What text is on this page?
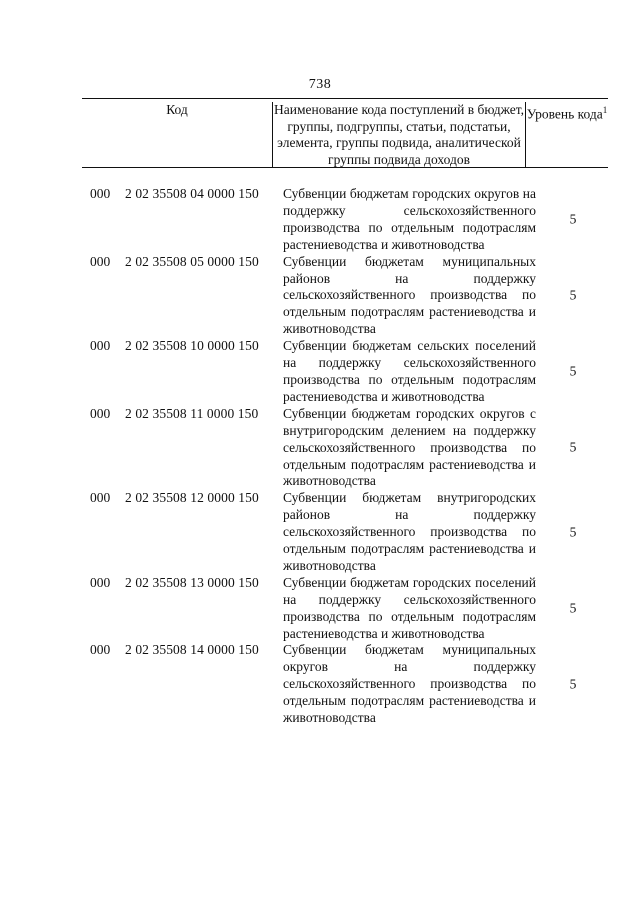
738
Код	Наименование кода поступлений в бюджет, группы, подгруппы, статьи, подстатьи, элемента, группы подвида, аналитической группы подвида доходов
Уровень кода$^1$
000 2 02 35508 04 0000 150 Субвенции бюджетам городских округов на поддержку сельскохозяйственного производства по отдельным подотраслям растениеводства и животноводства
5
000 2 02 35508 05 0000 150 Субвенции бюджетам муниципальных районов на поддержку сельскохозяйственного производства по отдельным подотраслям растениеводства и животноводства
5
000 2 02 35508 10 0000 150 Субвенции бюджетам сельских поселений на поддержку сельскохозяйственного производства по отдельным подотраслям растениеводства и животноводства
5
000 2 02 35508 11 0000 150 Субвенции бюджетам городских округов с внутригородским делением на поддержку сельскохозяйственного производства по отдельным подотраслям растениеводства и животноводства
5
000 2 02 35508 12 0000 150 Субвенции бюджетам внутригородских районов на поддержку сельскохозяйственного производства по отдельным подотраслям растениеводства и животноводства
5
000 2 02 35508 13 0000 150 Субвенции бюджетам городских поселений на поддержку сельскохозяйственного производства по отдельным подотраслям растениеводства и животноводства
5
000 2 02 35508 14 0000 150 Субвенции бюджетам муниципальных округов на поддержку сельскохозяйственного производства по отдельным подотраслям растениеводства и животноводства
5
